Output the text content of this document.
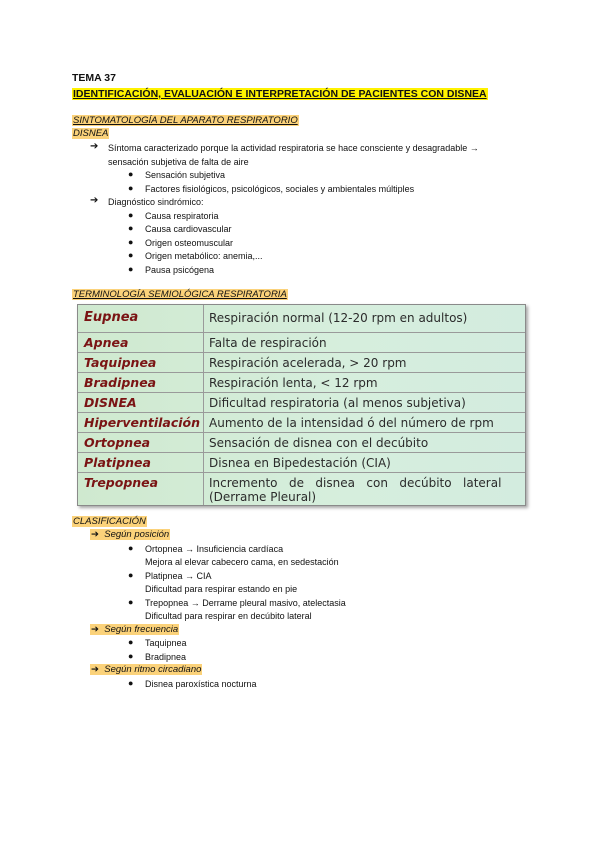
TEMA 37
IDENTIFICACIÓN, EVALUACIÓN E INTERPRETACIÓN DE PACIENTES CON DISNEA
SINTOMATOLOGÍA DEL APARATO RESPIRATORIO
DISNEA
➔ Síntoma caracterizado porque la actividad respiratoria se hace consciente y desagradable →
sensación subjetiva de falta de aire
● Sensación subjetiva
● Factores fisiológicos, psicológicos, sociales y ambientales múltiples
➔ Diagnóstico sindrómico:
● Causa respiratoria
● Causa cardiovascular
● Origen osteomuscular
● Origen metabólico: anemia,...
● Pausa psicógena
TERMINOLOGÍA SEMIOLÓGICA RESPIRATORIA
Eupnea	Respiración normal (12-20 rpm en adultos)
Apnea	Falta de respiración
Taquipnea	Respiración acelerada, > 20 rpm
Bradipnea	Respiración lenta, < 12 rpm
DISNEA	Dificultad respiratoria (al menos subjetiva)
Hiperventilación Aumento de la intensidad ó del número de rpm
Ortopnea	Sensación de disnea con el decúbito
Platipnea	Disnea en Bipedestación (CIA)
Trepopnea	Incremento   de   disnea   con   decúbito   lateral
(Derrame Pleural)
CLASIFICACIÓN
➔  Según posición
● Ortopnea → Insuficiencia cardíaca
Mejora al elevar cabecero cama, en sedestación
● Platipnea → CIA
Dificultad para respirar estando en pie
● Trepopnea → Derrame pleural masivo, atelectasia
Dificultad para respirar en decúbito lateral
➔  Según frecuencia
● Taquipnea
● Bradipnea
➔  Según ritmo circadiano
● Disnea paroxística nocturna
